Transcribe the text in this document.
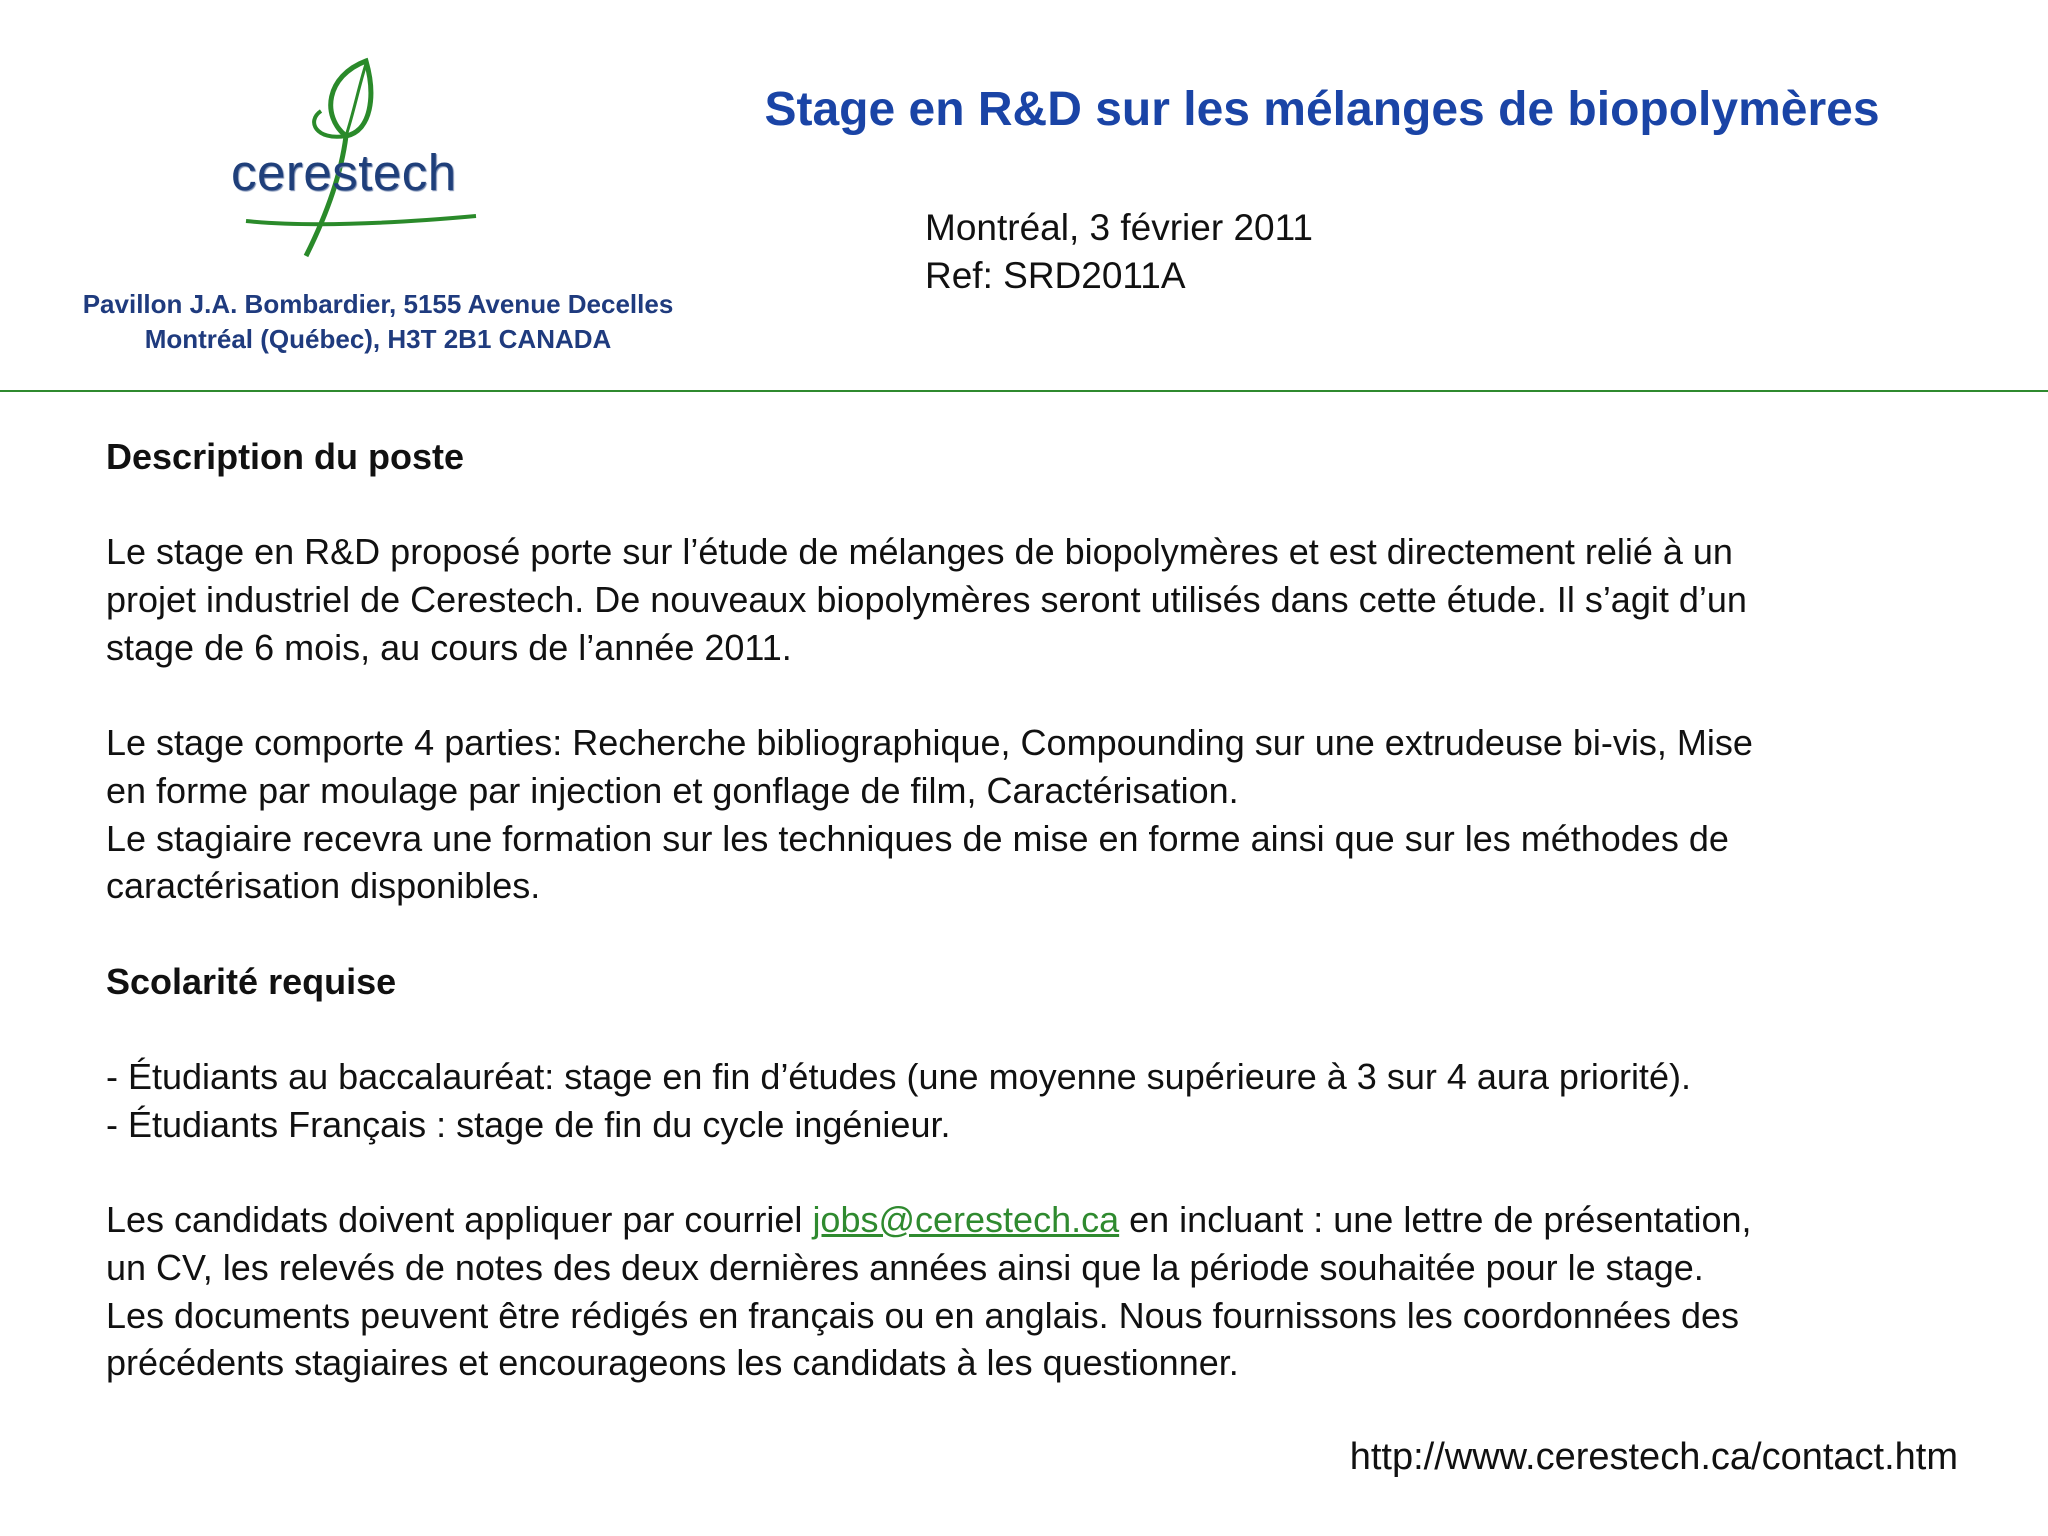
cerestech
Pavillon J.A. Bombardier, 5155 Avenue Decelles
Montréal (Québec), H3T 2B1 CANADA
Stage en R&D sur les mélanges de biopolymères
Montréal, 3 février 2011
Ref: SRD2011A

Description du poste

Le stage en R&D proposé porte sur l’étude de mélanges de biopolymères et est directement relié à un

projet industriel de Cerestech. De nouveaux biopolymères seront utilisés dans cette étude. Il s’agit d’un

stage de 6 mois, au cours de l’année 2011.

Le stage comporte 4 parties: Recherche bibliographique, Compounding sur une extrudeuse bi-vis, Mise

en forme par moulage par injection et gonflage de film, Caractérisation.

Le stagiaire recevra une formation sur les techniques de mise en forme ainsi que sur les méthodes de

caractérisation disponibles.

Scolarité requise

- Étudiants au baccalauréat: stage en fin d’études (une moyenne supérieure à 3 sur 4 aura priorité).

- Étudiants Français : stage de fin du cycle ingénieur.

Les candidats doivent appliquer par courriel jobs@cerestech.ca en incluant : une lettre de présentation,

un CV, les relevés de notes des deux dernières années ainsi que la période souhaitée pour le stage.

Les documents peuvent être rédigés en français ou en anglais. Nous fournissons les coordonnées des

précédents stagiaires et encourageons les candidats à les questionner.

http://www.cerestech.ca/contact.htm
